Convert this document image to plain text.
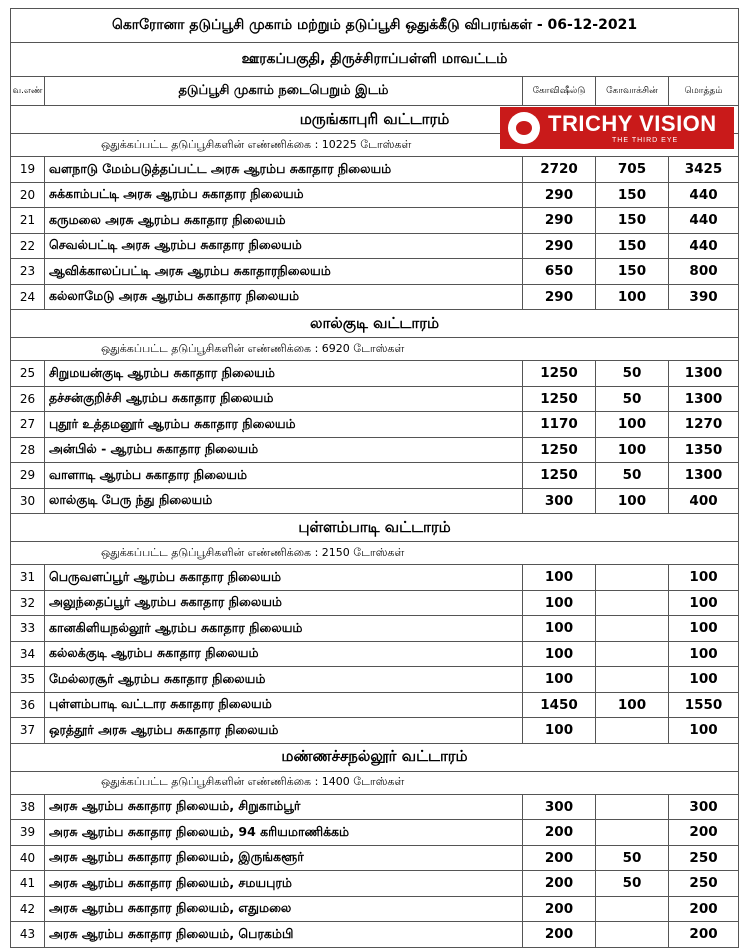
கொரோனா தடுப்பூசி முகாம் மற்றும் தடுப்பூசி ஒதுக்கீடு விபரங்கள் - 06-12-2021				
ஊரகப்பகுதி, திருச்சிராப்பள்ளி மாவட்டம்				
வ.எண்	தடுப்பூசி முகாம் நடைபெறும் இடம்	கோவிஷீல்டு	கோவாக்சின்	மொத்தம்
மருங்காபுரி வட்டாரம்				
ஒதுக்கப்பட்ட தடுப்பூசிகளின் எண்ணிக்கை : 10225 டோஸ்கள்				
19	வளநாடு மேம்படுத்தப்பட்ட அரசு ஆரம்ப சுகாதார நிலையம்	2720	705	3425
20	சுக்காம்பட்டி அரசு ஆரம்ப சுகாதார நிலையம்	290	150	440
21	கருமலை அரசு ஆரம்ப சுகாதார நிலையம்	290	150	440
22	செவல்பட்டி அரசு ஆரம்ப சுகாதார நிலையம்	290	150	440
23	ஆவிக்காலப்பட்டி அரசு ஆரம்ப சுகாதாரநிலையம்	650	150	800
24	கல்லாமேடு அரசு ஆரம்ப சுகாதார நிலையம்	290	100	390
லால்குடி வட்டாரம்				
ஒதுக்கப்பட்ட தடுப்பூசிகளின் எண்ணிக்கை : 6920 டோஸ்கள்				
25	சிறுமயன்குடி ஆரம்ப சுகாதார நிலையம்	1250	50	1300
26	தச்சன்குறிச்சி ஆரம்ப சுகாதார நிலையம்	1250	50	1300
27	புதூர் உத்தமனூர் ஆரம்ப சுகாதார நிலையம்	1170	100	1270
28	அன்பில் - ஆரம்ப சுகாதார நிலையம்	1250	100	1350
29	வாளாடி ஆரம்ப சுகாதார நிலையம்	1250	50	1300
30	லால்குடி பேரு ந்து நிலையம்	300	100	400
புள்ளம்பாடி வட்டாரம்				
ஒதுக்கப்பட்ட தடுப்பூசிகளின் எண்ணிக்கை : 2150 டோஸ்கள்				
31	பெருவளப்பூர் ஆரம்ப சுகாதார நிலையம்	100		100
32	அலுந்தைப்பூர் ஆரம்ப சுகாதார நிலையம்	100		100
33	கானகிளியநல்லூர் ஆரம்ப சுகாதார நிலையம்	100		100
34	கல்லக்குடி ஆரம்ப சுகாதார நிலையம்	100		100
35	மேல்லரசூர் ஆரம்ப சுகாதார நிலையம்	100		100
36	புள்ளம்பாடி வட்டார சுகாதார நிலையம்	1450	100	1550
37	ஒரத்தூர் அரசு ஆரம்ப சுகாதார நிலையம்	100		100
மண்ணச்சநல்லூர் வட்டாரம்				
ஒதுக்கப்பட்ட தடுப்பூசிகளின் எண்ணிக்கை : 1400 டோஸ்கள்				
38	அரசு ஆரம்ப சுகாதார நிலையம், சிறுகாம்பூர்	300		300
39	அரசு ஆரம்ப சுகாதார நிலையம், 94 கரியமாணிக்கம்	200		200
40	அரசு ஆரம்ப சுகாதார நிலையம், இருங்களூர்	200	50	250
41	அரசு ஆரம்ப சுகாதார நிலையம், சமயபுரம்	200	50	250
42	அரசு ஆரம்ப சுகாதார நிலையம், எதுமலை	200		200
43	அரசு ஆரம்ப சுகாதார நிலையம், பெரகம்பி	200		200
TRICHY VISION
THE THIRD EYE
